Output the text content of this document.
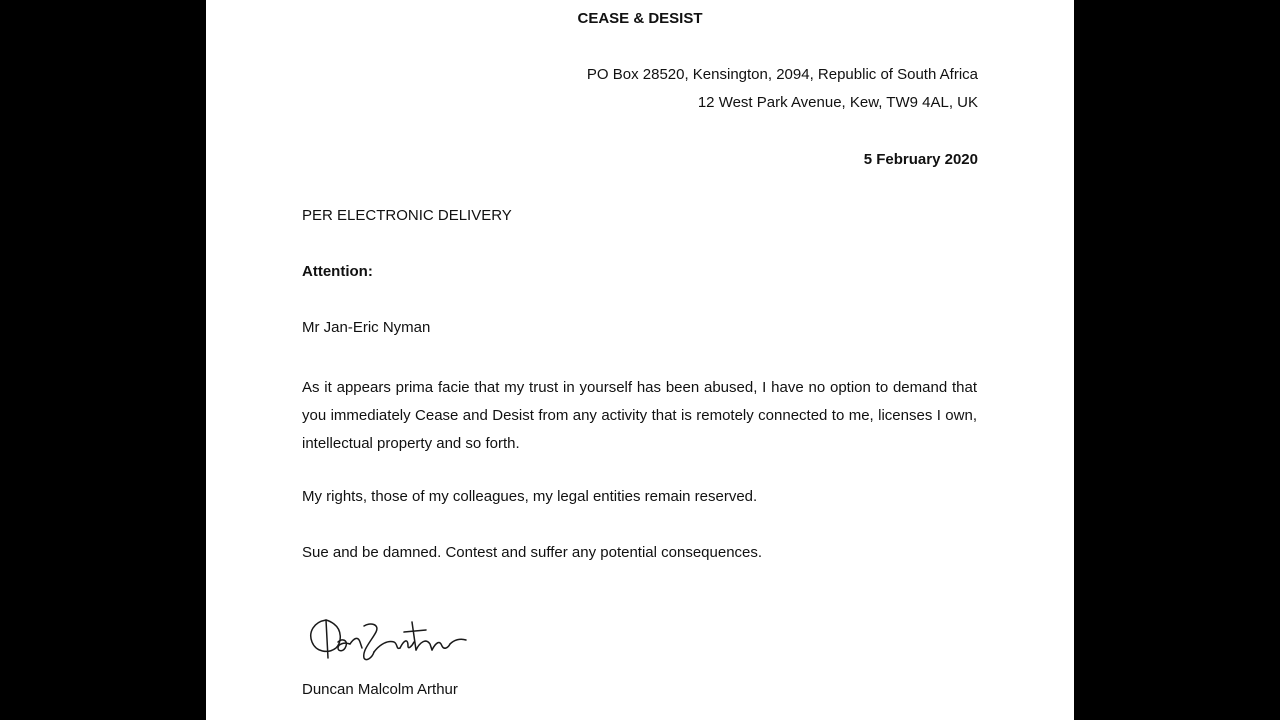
CEASE & DESIST
PO Box 28520, Kensington, 2094, Republic of South Africa
12 West Park Avenue, Kew, TW9 4AL, UK
5 February 2020
PER ELECTRONIC DELIVERY
Attention:
Mr Jan-Eric Nyman
As it appears prima facie that my trust in yourself has been abused, I have no option to demand that you immediately Cease and Desist from any activity that is remotely connected to me, licenses I own, intellectual property and so forth.
My rights, those of my colleagues, my legal entities remain reserved.
Sue and be damned. Contest and suffer any potential consequences.
Duncan Malcolm Arthur
